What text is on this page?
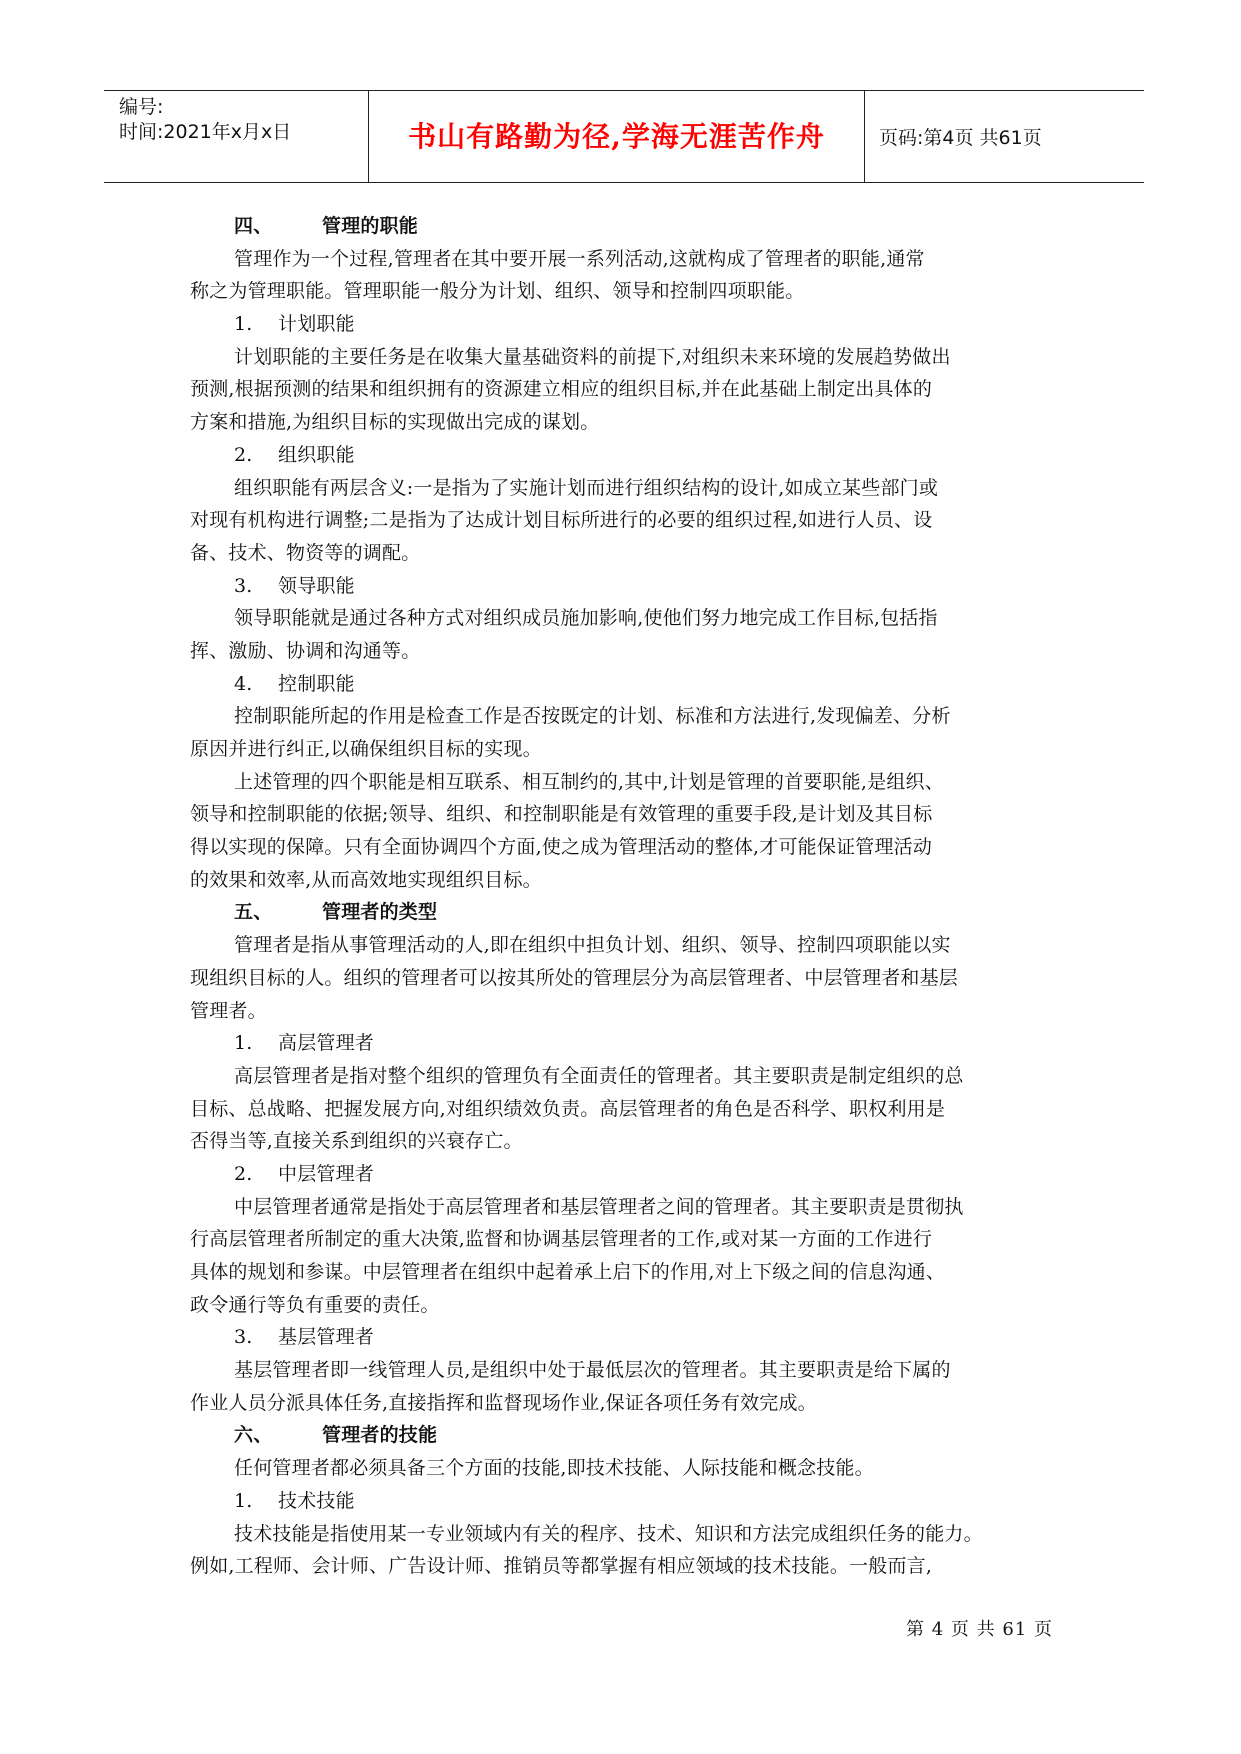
编号:
时间:2021年x月x日	书山有路勤为径,学海无涯苦作舟	页码:第4页 共61页
四、	管理的职能
管理作为一个过程,管理者在其中要开展一系列活动,这就构成了管理者的职能,通常
称之为管理职能。管理职能一般分为计划、组织、领导和控制四项职能。
1. 计划职能
计划职能的主要任务是在收集大量基础资料的前提下,对组织未来环境的发展趋势做出
预测,根据预测的结果和组织拥有的资源建立相应的组织目标,并在此基础上制定出具体的
方案和措施,为组织目标的实现做出完成的谋划。
2. 组织职能
组织职能有两层含义:一是指为了实施计划而进行组织结构的设计,如成立某些部门或
对现有机构进行调整;二是指为了达成计划目标所进行的必要的组织过程,如进行人员、设
备、技术、物资等的调配。
3. 领导职能
领导职能就是通过各种方式对组织成员施加影响,使他们努力地完成工作目标,包括指
挥、激励、协调和沟通等。
4. 控制职能
控制职能所起的作用是检查工作是否按既定的计划、标准和方法进行,发现偏差、分析
原因并进行纠正,以确保组织目标的实现。
上述管理的四个职能是相互联系、相互制约的,其中,计划是管理的首要职能,是组织、
领导和控制职能的依据;领导、组织、和控制职能是有效管理的重要手段,是计划及其目标
得以实现的保障。只有全面协调四个方面,使之成为管理活动的整体,才可能保证管理活动
的效果和效率,从而高效地实现组织目标。
五、	管理者的类型
管理者是指从事管理活动的人,即在组织中担负计划、组织、领导、控制四项职能以实
现组织目标的人。组织的管理者可以按其所处的管理层分为高层管理者、中层管理者和基层
管理者。
1. 高层管理者
高层管理者是指对整个组织的管理负有全面责任的管理者。其主要职责是制定组织的总
目标、总战略、把握发展方向,对组织绩效负责。高层管理者的角色是否科学、职权利用是
否得当等,直接关系到组织的兴衰存亡。
2. 中层管理者
中层管理者通常是指处于高层管理者和基层管理者之间的管理者。其主要职责是贯彻执
行高层管理者所制定的重大决策,监督和协调基层管理者的工作,或对某一方面的工作进行
具体的规划和参谋。中层管理者在组织中起着承上启下的作用,对上下级之间的信息沟通、
政令通行等负有重要的责任。
3. 基层管理者
基层管理者即一线管理人员,是组织中处于最低层次的管理者。其主要职责是给下属的
作业人员分派具体任务,直接指挥和监督现场作业,保证各项任务有效完成。
六、	管理者的技能
任何管理者都必须具备三个方面的技能,即技术技能、人际技能和概念技能。
1. 技术技能
技术技能是指使用某一专业领域内有关的程序、技术、知识和方法完成组织任务的能力。
例如,工程师、会计师、广告设计师、推销员等都掌握有相应领域的技术技能。一般而言,
第 4 页 共 61 页
